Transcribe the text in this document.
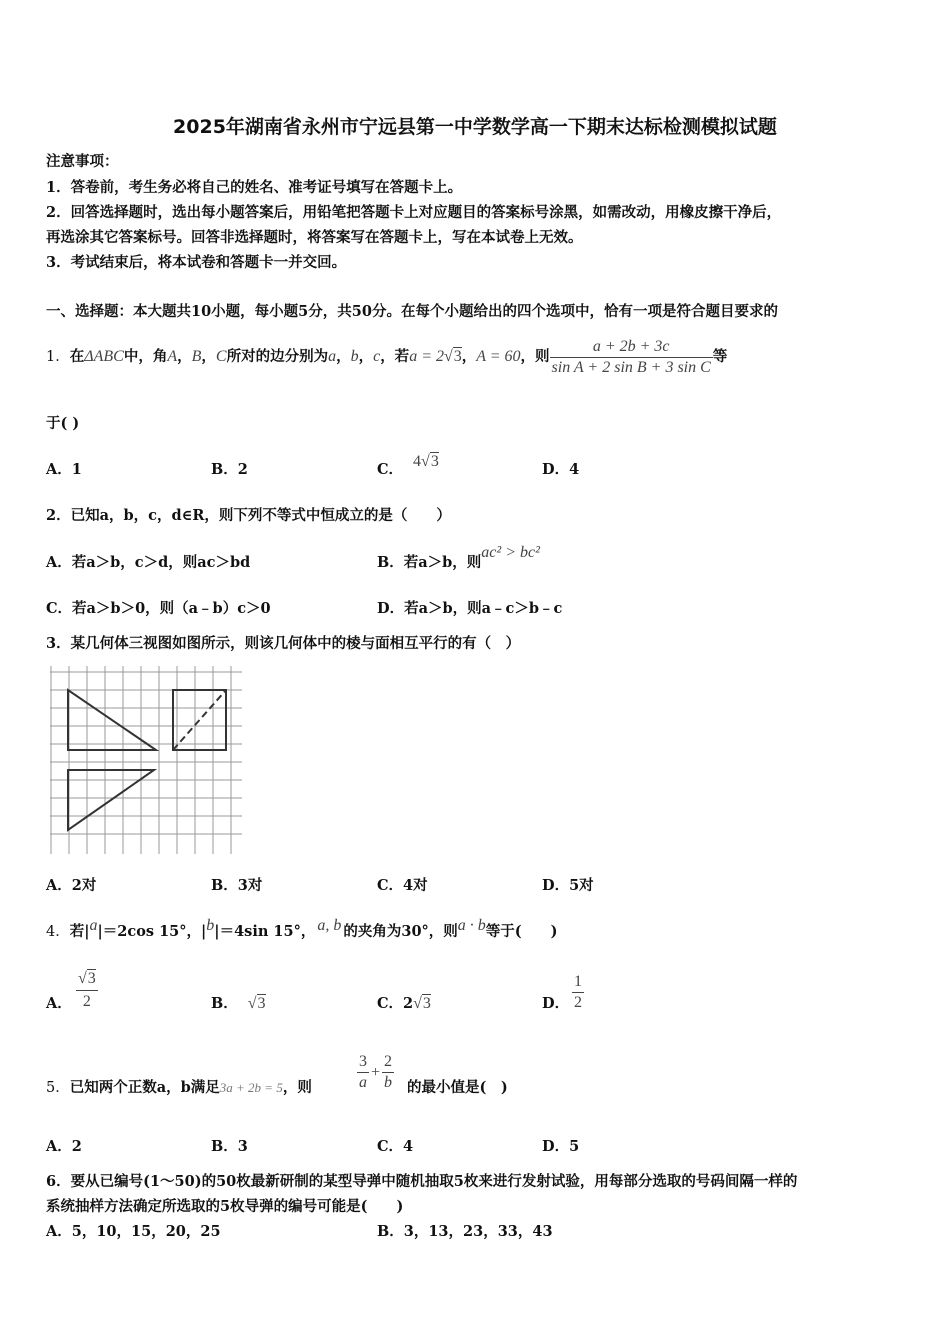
2025年湖南省永州市宁远县第一中学数学高一下期末达标检测模拟试题
注意事项：
1．答卷前，考生务必将自己的姓名、准考证号填写在答题卡上。
2．回答选择题时，选出每小题答案后，用铅笔把答题卡上对应题目的答案标号涂黑，如需改动，用橡皮擦干净后，
再选涂其它答案标号。回答非选择题时，将答案写在答题卡上，写在本试卷上无效。
3．考试结束后，将本试卷和答题卡一并交回。
一、选择题：本大题共10小题，每小题5分，共50分。在每个小题给出的四个选项中，恰有一项是符合题目要求的
1．在ΔABC中，角A，B，C所对的边分别为a，b，c，若a = 2√3，A = 60，则 $\frac{a + 2b + 3c}{\text{sin A + 2 sin B + 3 sin C}}$ 等
于( )
A．1	B．2	C． 4√3	D．4
2．已知a，b，c，d∈R，则下列不等式中恒成立的是（　　）
A．若a＞b，c＞d，则ac＞bd	B．若a＞b，则ac² > bc²
C．若a＞b＞0，则（a﹣b）c＞0	D．若a＞b，则a﹣c＞b﹣c
3．某几何体三视图如图所示，则该几何体中的棱与面相互平行的有（　）
A．2对	B．3对	C．4对	D．5对
4．若|a|＝2cos 15°，|b|＝4sin 15°， a, b 的夹角为30°，则a · b等于(　　)
A． $\frac{√3}{2}$	B． √3	C．2√3	D． $\frac{1}{2}$
5．已知两个正数a，b满足3a + 2b = 5，则	$\frac{3}{a} + \frac{2}{b}$ 的最小值是(　)
A．2	B．3	C．4	D．5
6．要从已编号(1～50)的50枚最新研制的某型导弹中随机抽取5枚来进行发射试验，用每部分选取的号码间隔一样的
系统抽样方法确定所选取的5枚导弹的编号可能是(　　)
A．5，10，15，20，25	B．3，13，23，33，43
